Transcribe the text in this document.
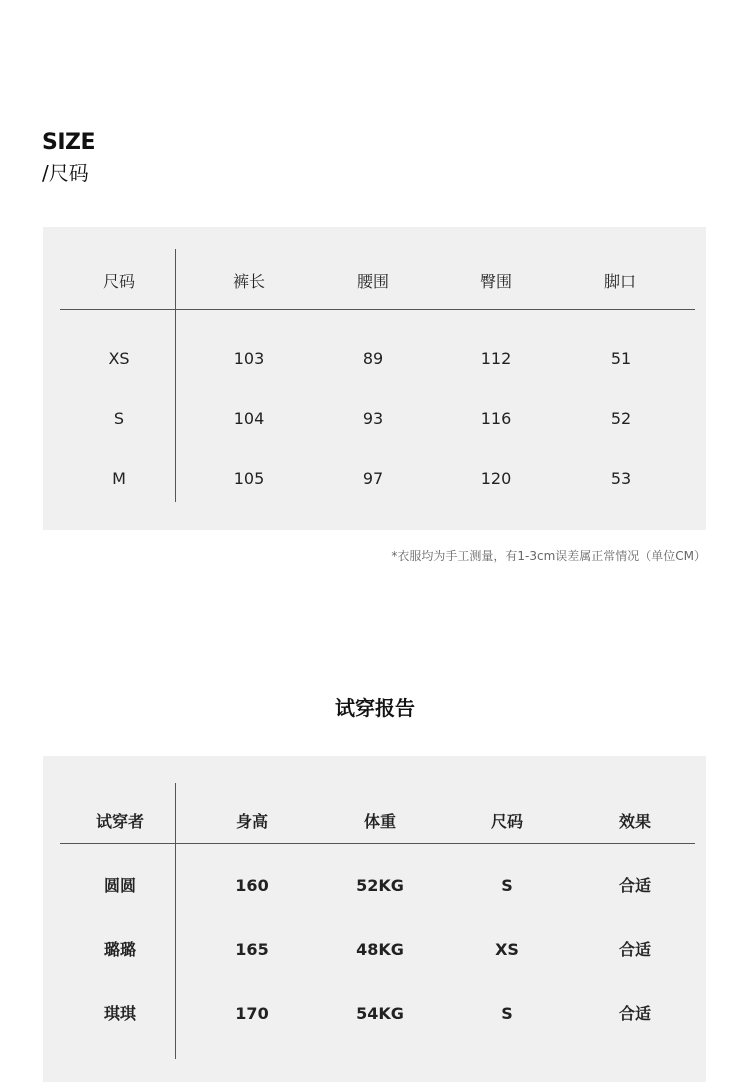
SIZE
/尺码
尺码	裤长	腰围	臀围	脚口
XS	103	89	112	51
S	104	93	116	52
M	105	97	120	53
*衣服均为手工测量，有1-3cm误差属正常情况（单位CM）
试穿报告
试穿者	身高	体重	尺码	效果
圆圆	160	52KG	S	合适
璐璐	165	48KG	XS	合适
琪琪	170	54KG	S	合适
